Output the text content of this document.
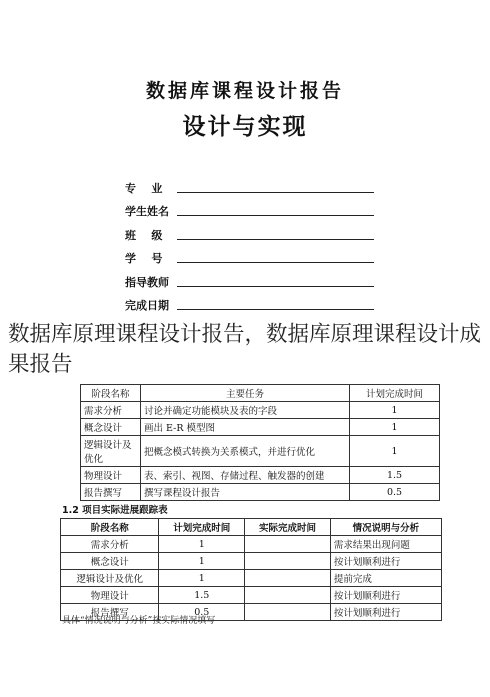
数据库课程设计报告
设计与实现
专    业
学生姓名
班    级
学    号
指导教师
完成日期
数据库原理课程设计报告，数据库原理课程设计成果报告
阶段名称	主要任务	计划完成时间
需求分析	讨论并确定功能模块及表的字段	1
概念设计	画出 E-R 模型图	1
逻辑设计及优化	把概念模式转换为关系模式，并进行优化	1
物理设计	表、索引、视图、存储过程、触发器的创建	1.5
报告撰写	撰写课程设计报告	0.5
1.2 项目实际进展跟踪表
阶段名称	计划完成时间	实际完成时间	情况说明与分析
需求分析	1		需求结果出现问题
概念设计	1		按计划顺利进行
逻辑设计及优化	1		提前完成
物理设计	1.5		按计划顺利进行
报告撰写	0.5		按计划顺利进行
具体“情况说明与分析”按实际情况填写
